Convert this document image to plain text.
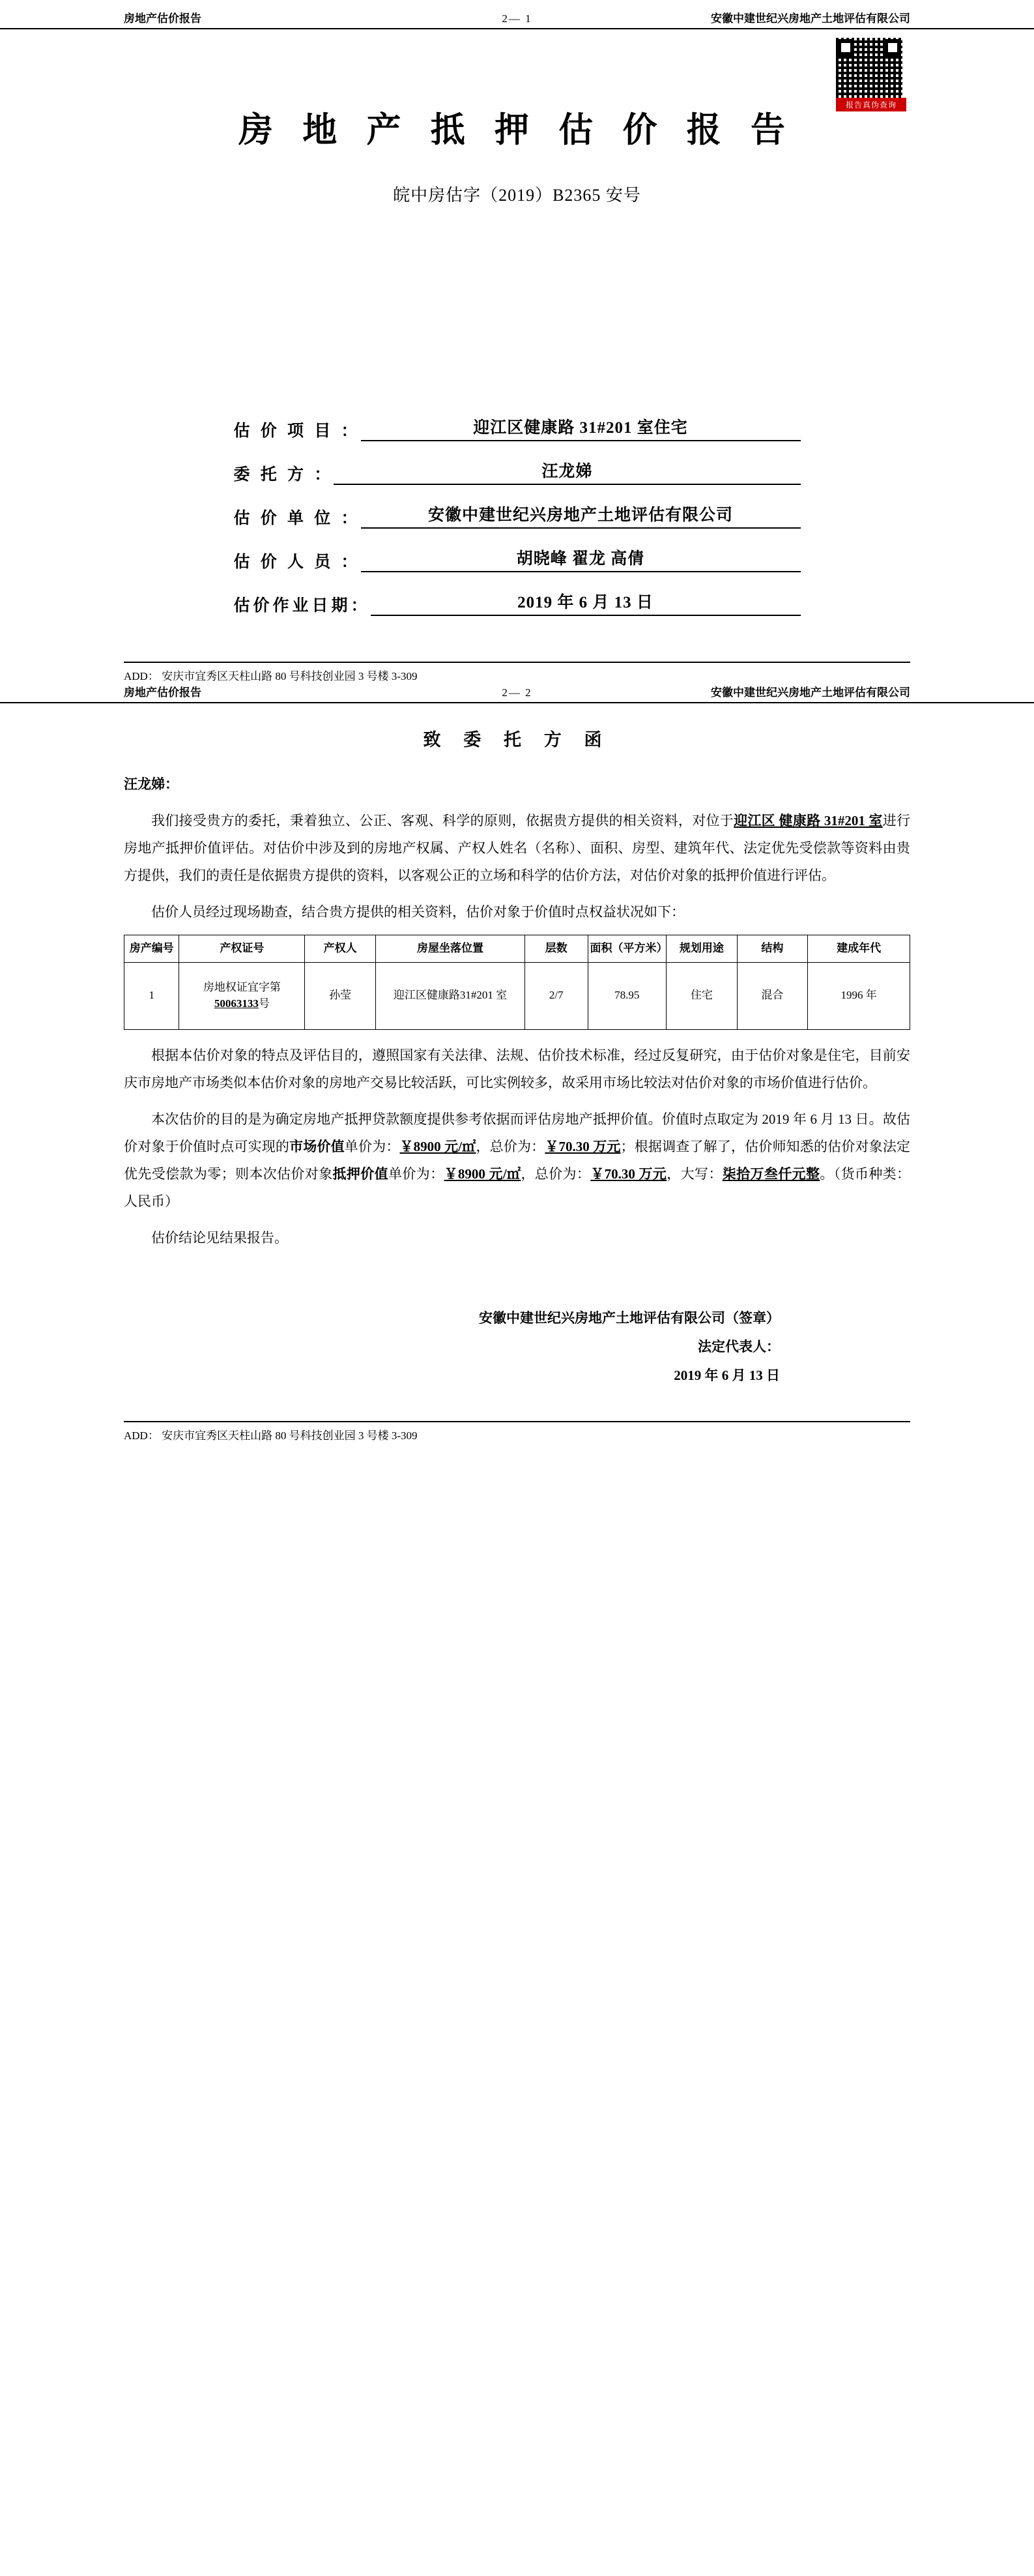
房地产估价报告	2— 1	安徽中建世纪兴房地产土地评估有限公司
报告真伪查询
房 地 产 抵 押 估 价 报 告
皖中房估字（2019）B2365 安号
估 价 项 目 ：	迎江区健康路 31#201 室住宅
委 托 方 ：	汪龙娣
估 价 单 位 ：	安徽中建世纪兴房地产土地评估有限公司
估 价 人 员 ：	胡晓峰 翟龙 高倩
估价作业日期：	2019 年 6 月 13 日
ADD： 安庆市宜秀区天柱山路 80 号科技创业园 3 号楼 3-309
房地产估价报告	2— 2	安徽中建世纪兴房地产土地评估有限公司
致 委 托 方 函

汪龙娣：

我们接受贵方的委托，秉着独立、公正、客观、科学的原则，依据贵方提供的相关资料，对位于迎江区 健康路 31#201 室进行房地产抵押价值评估。对估价中涉及到的房地产权属、产权人姓名（名称）、面积、房型、建筑年代、法定优先受偿款等资料由贵方提供，我们的责任是依据贵方提供的资料，以客观公正的立场和科学的估价方法，对估价对象的抵押价值进行评估。

估价人员经过现场勘查，结合贵方提供的相关资料，估价对象于价值时点权益状况如下：

房产编号	产权证号	产权人	房屋坐落位置	层数	面积（平方米）	规划用途	结构	建成年代
1	房地权证宜字第50063133号	孙莹	迎江区健康路31#201 室	2/7	78.95	住宅	混合	1996 年

根据本估价对象的特点及评估目的，遵照国家有关法律、法规、估价技术标准，经过反复研究，由于估价对象是住宅，目前安庆市房地产市场类似本估价对象的房地产交易比较活跃，可比实例较多，故采用市场比较法对估价对象的市场价值进行估价。

本次估价的目的是为确定房地产抵押贷款额度提供参考依据而评估房地产抵押价值。价值时点取定为 2019 年 6 月 13 日。故估价对象于价值时点可实现的市场价值单价为：￥8900 元/㎡，总价为：￥70.30 万元；根据调查了解了，估价师知悉的估价对象法定优先受偿款为零；则本次估价对象抵押价值单价为：￥8900 元/㎡，总价为：￥70.30 万元，大写：柒拾万叁仟元整。（货币种类：人民币）

估价结论见结果报告。

安徽中建世纪兴房地产土地评估有限公司（签章）
法定代表人：
2019 年 6 月 13 日
ADD： 安庆市宜秀区天柱山路 80 号科技创业园 3 号楼 3-309
